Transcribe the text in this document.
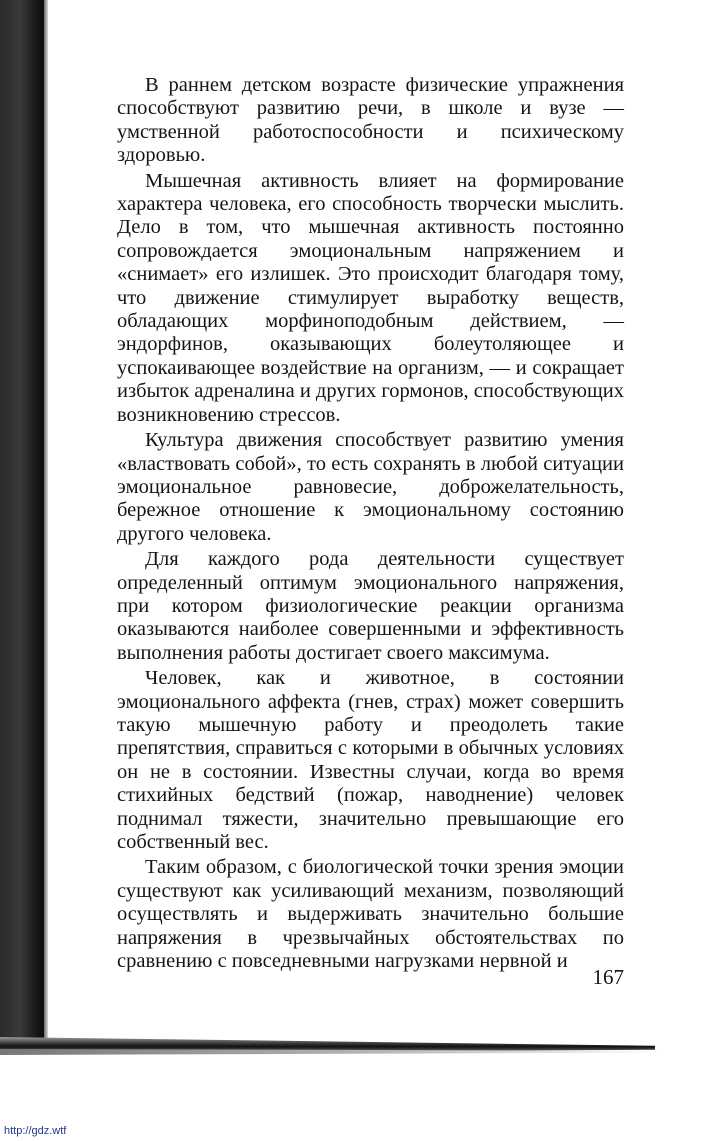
В раннем детском возрасте физические упражнения способствуют развитию речи, в школе и вузе — умственной работоспособности и психическому здоровью.

Мышечная активность влияет на формирование характера человека, его способность творчески мыслить. Дело в том, что мышечная активность постоянно сопровождается эмоциональным напряжением и «снимает» его излишек. Это происходит благодаря тому, что движение стимулирует выработку веществ, обладающих морфиноподобным действием, — эндорфинов, оказывающих болеутоляющее и успокаивающее воздействие на организм, — и сокращает избыток адреналина и других гормонов, способствующих возникновению стрессов.

Культура движения способствует развитию умения «властвовать собой», то есть сохранять в любой ситуации эмоциональное равновесие, доброжелательность, бережное отношение к эмоциональному состоянию другого человека.

Для каждого рода деятельности существует определенный оптимум эмоционального напряжения, при котором физиологические реакции организма оказываются наиболее совершенными и эффективность выполнения работы достигает своего максимума.

Человек, как и животное, в состоянии эмоционального аффекта (гнев, страх) может совершить такую мышечную работу и преодолеть такие препятствия, справиться с которыми в обычных условиях он не в состоянии. Известны случаи, когда во время стихийных бедствий (пожар, наводнение) человек поднимал тяжести, значительно превышающие его собственный вес.

Таким образом, с биологической точки зрения эмоции существуют как усиливающий механизм, позволяющий осуществлять и выдерживать значительно большие напряжения в чрезвычайных обстоятельствах по сравнению с повседневными нагрузками нервной и

167
http://gdz.wtf
